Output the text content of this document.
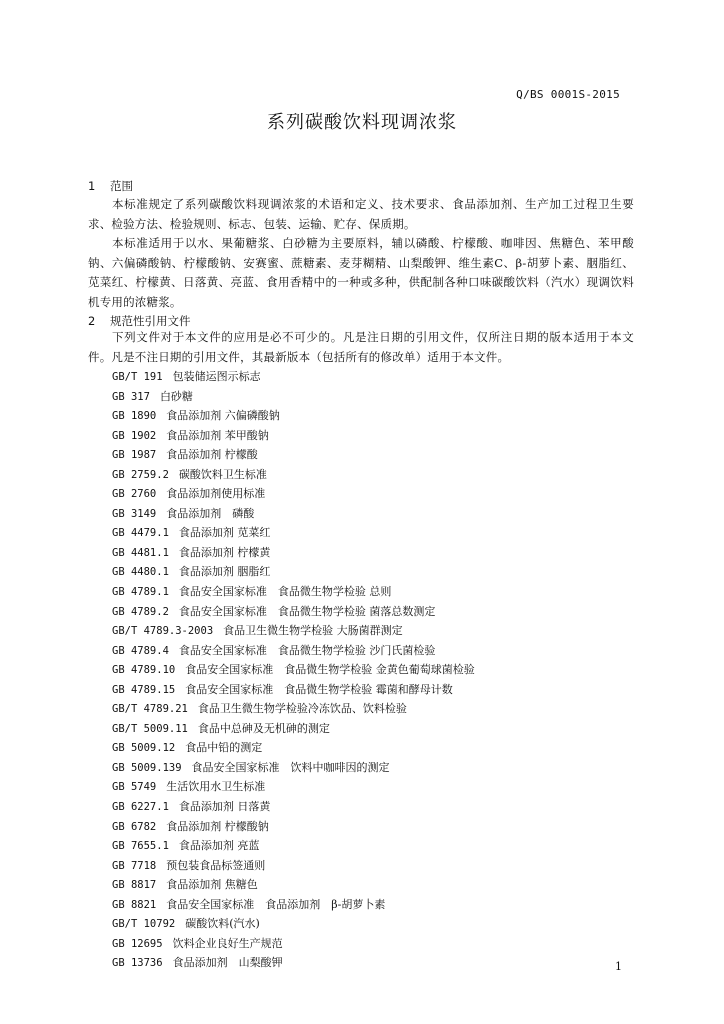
Q/BS 0001S-2015
系列碳酸饮料现调浓浆
1 范围
本标准规定了系列碳酸饮料现调浓浆的术语和定义、技术要求、食品添加剂、生产加工过程卫生要求、检验方法、检验规则、标志、包装、运输、贮存、保质期。
本标准适用于以水、果葡糖浆、白砂糖为主要原料，辅以磷酸、柠檬酸、咖啡因、焦糖色、苯甲酸钠、六偏磷酸钠、柠檬酸钠、安赛蜜、蔗糖素、麦芽糊精、山梨酸钾、维生素C、β-胡萝卜素、胭脂红、苋菜红、柠檬黄、日落黄、亮蓝、食用香精中的一种或多种，供配制各种口味碳酸饮料（汽水）现调饮料机专用的浓糖浆。
2 规范性引用文件
下列文件对于本文件的应用是必不可少的。凡是注日期的引用文件，仅所注日期的版本适用于本文件。凡是不注日期的引用文件，其最新版本（包括所有的修改单）适用于本文件。
GB/T 191 包装储运图示标志
GB 317 白砂糖
GB 1890 食品添加剂 六偏磷酸钠
GB 1902 食品添加剂 苯甲酸钠
GB 1987 食品添加剂 柠檬酸
GB 2759.2 碳酸饮料卫生标准
GB 2760 食品添加剂使用标准
GB 3149 食品添加剂　磷酸
GB 4479.1 食品添加剂 苋菜红
GB 4481.1 食品添加剂 柠檬黄
GB 4480.1 食品添加剂 胭脂红
GB 4789.1 食品安全国家标准　食品微生物学检验 总则
GB 4789.2 食品安全国家标准　食品微生物学检验 菌落总数测定
GB/T 4789.3-2003 食品卫生微生物学检验 大肠菌群测定
GB 4789.4 食品安全国家标准　食品微生物学检验 沙门氏菌检验
GB 4789.10 食品安全国家标准　食品微生物学检验 金黄色葡萄球菌检验
GB 4789.15 食品安全国家标准　食品微生物学检验 霉菌和酵母计数
GB/T 4789.21 食品卫生微生物学检验冷冻饮品、饮料检验
GB/T 5009.11 食品中总砷及无机砷的测定
GB 5009.12 食品中铅的测定
GB 5009.139 食品安全国家标准　饮料中咖啡因的测定
GB 5749 生活饮用水卫生标准
GB 6227.1 食品添加剂 日落黄
GB 6782 食品添加剂 柠檬酸钠
GB 7655.1 食品添加剂 亮蓝
GB 7718 预包装食品标签通则
GB 8817 食品添加剂 焦糖色
GB 8821 食品安全国家标准　食品添加剂　β-胡萝卜素
GB/T 10792 碳酸饮料(汽水)
GB 12695 饮料企业良好生产规范
GB 13736 食品添加剂　山梨酸钾	1
